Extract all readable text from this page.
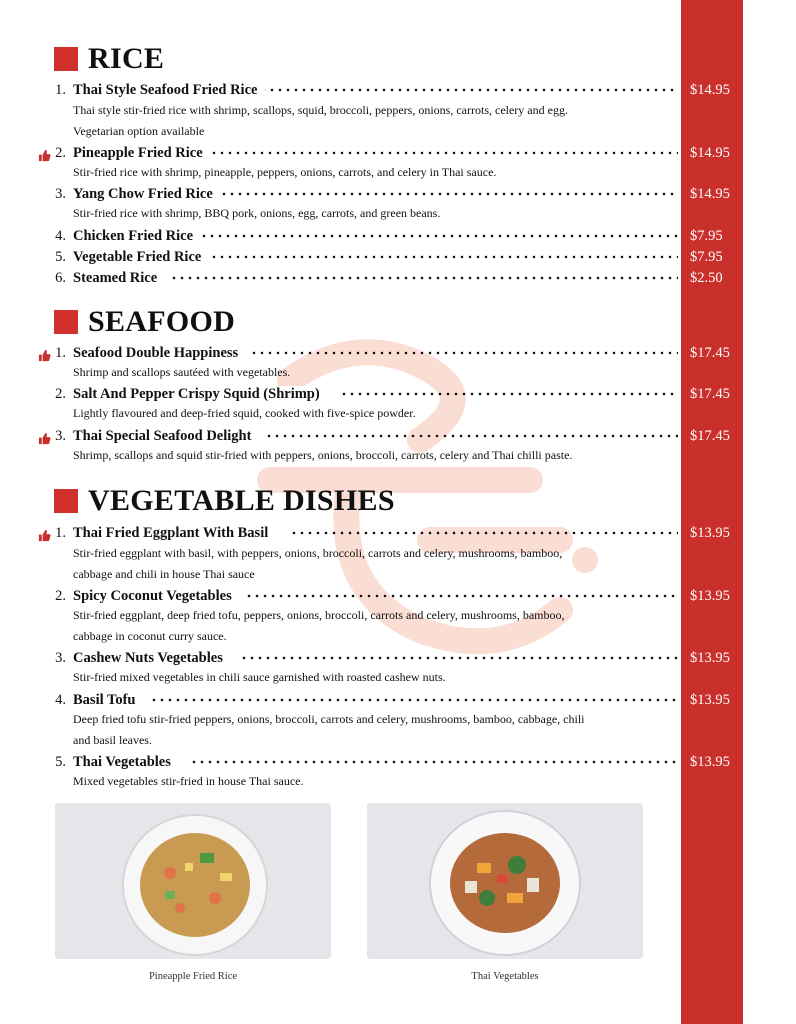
RICE
1. Thai Style Seafood Fried Rice	$14.95
Thai style stir-fried rice with shrimp, scallops, squid, broccoli, peppers, onions, carrots, celery and egg.
Vegetarian option available
2. Pineapple Fried Rice	$14.95
Stir-fried rice with shrimp, pineapple, peppers, onions, carrots, and celery in Thai sauce.
3. Yang Chow Fried Rice	$14.95
Stir-fried rice with shrimp, BBQ pork, onions, egg, carrots, and green beans.
4. Chicken Fried Rice	$7.95
5. Vegetable Fried Rice	$7.95
6. Steamed Rice	$2.50
SEAFOOD
1. Seafood Double Happiness	$17.45
Shrimp and scallops sautéed with vegetables.
2. Salt And Pepper Crispy Squid (Shrimp)	$17.45
Lightly flavoured and deep-fried squid, cooked with five-spice powder.
3. Thai Special Seafood Delight	$17.45
Shrimp, scallops and squid stir-fried with peppers, onions, broccoli, carrots, celery and Thai chilli paste.
VEGETABLE DISHES
1. Thai Fried Eggplant With Basil	$13.95
Stir-fried eggplant with basil, with peppers, onions, broccoli, carrots and celery, mushrooms, bamboo,
cabbage and chili in house Thai sauce
2. Spicy Coconut Vegetables	$13.95
Stir-fried eggplant, deep fried tofu, peppers, onions, broccoli, carrots and celery, mushrooms, bamboo,
cabbage in coconut curry sauce.
3. Cashew Nuts Vegetables	$13.95
Stir-fried mixed vegetables in chili sauce garnished with roasted cashew nuts.
4. Basil Tofu	$13.95
Deep fried tofu stir-fried peppers, onions, broccoli, carrots and celery, mushrooms, bamboo, cabbage, chili
and basil leaves.
5. Thai Vegetables	$13.95
Mixed vegetables stir-fried in house Thai sauce.
Pineapple Fried Rice	Thai Vegetables
